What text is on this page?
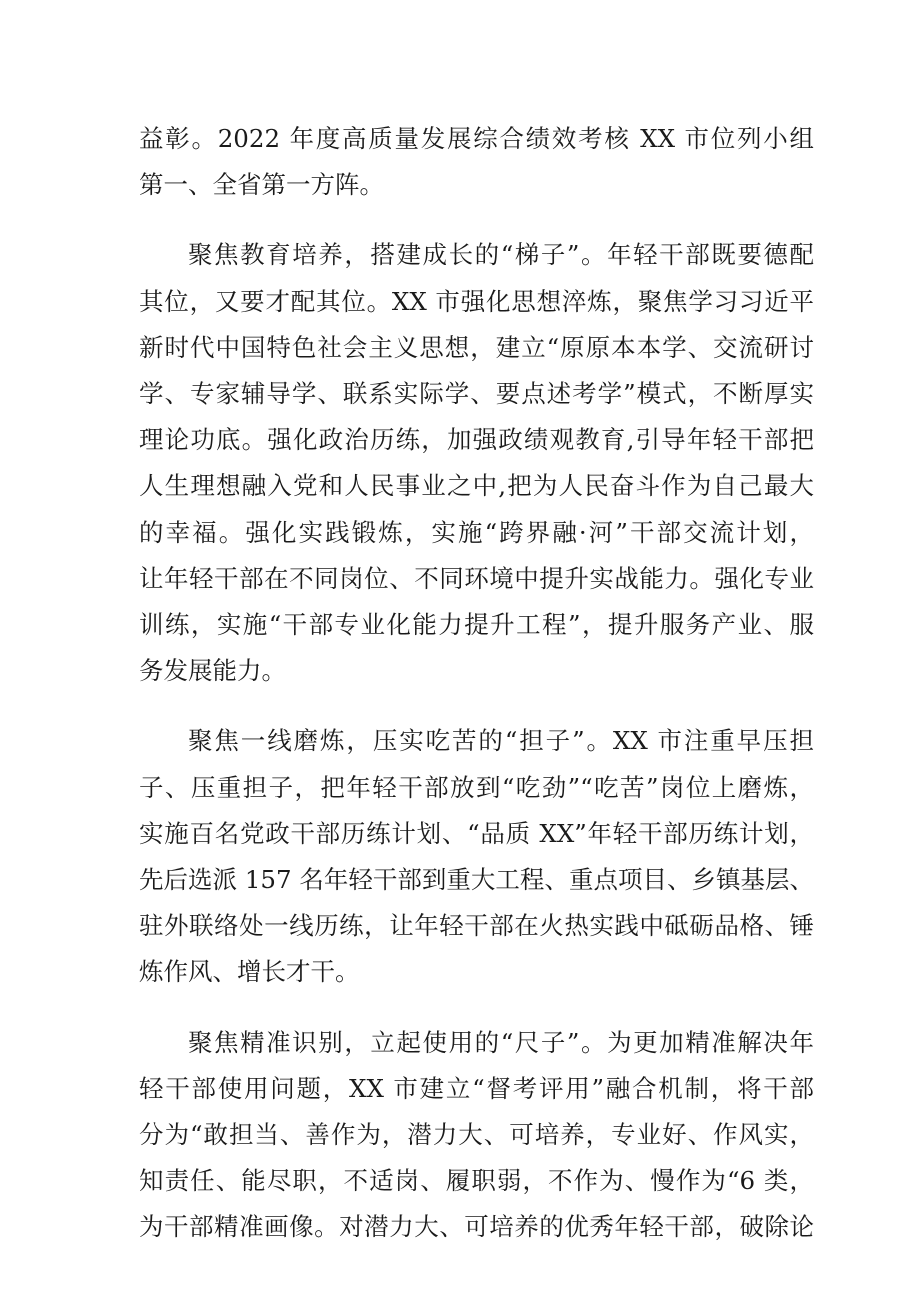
益彰。2022 年度高质量发展综合绩效考核 XX 市位列小组
第一、全省第一方阵。

聚焦教育培养，搭建成长的“梯子”。年轻干部既要德配
其位，又要才配其位。XX 市强化思想淬炼，聚焦学习习近平
新时代中国特色社会主义思想，建立“原原本本学、交流研讨
学、专家辅导学、联系实际学、要点述考学”模式，不断厚实
理论功底。强化政治历练，加强政绩观教育,引导年轻干部把
人生理想融入党和人民事业之中,把为人民奋斗作为自己最大
的幸福。强化实践锻炼，实施“跨界融·河”干部交流计划，
让年轻干部在不同岗位、不同环境中提升实战能力。强化专业
训练，实施“干部专业化能力提升工程”，提升服务产业、服
务发展能力。

聚焦一线磨炼，压实吃苦的“担子”。XX 市注重早压担
子、压重担子，把年轻干部放到“吃劲”“吃苦”岗位上磨炼，
实施百名党政干部历练计划、“品质 XX”年轻干部历练计划，
先后选派 157 名年轻干部到重大工程、重点项目、乡镇基层、
驻外联络处一线历练，让年轻干部在火热实践中砥砺品格、锤
炼作风、增长才干。

聚焦精准识别，立起使用的“尺子”。为更加精准解决年
轻干部使用问题，XX 市建立“督考评用”融合机制，将干部
分为“敢担当、善作为，潜力大、可培养，专业好、作风实，
知责任、能尽职，不适岗、履职弱，不作为、慢作为“6 类，
为干部精准画像。对潜力大、可培养的优秀年轻干部，破除论
